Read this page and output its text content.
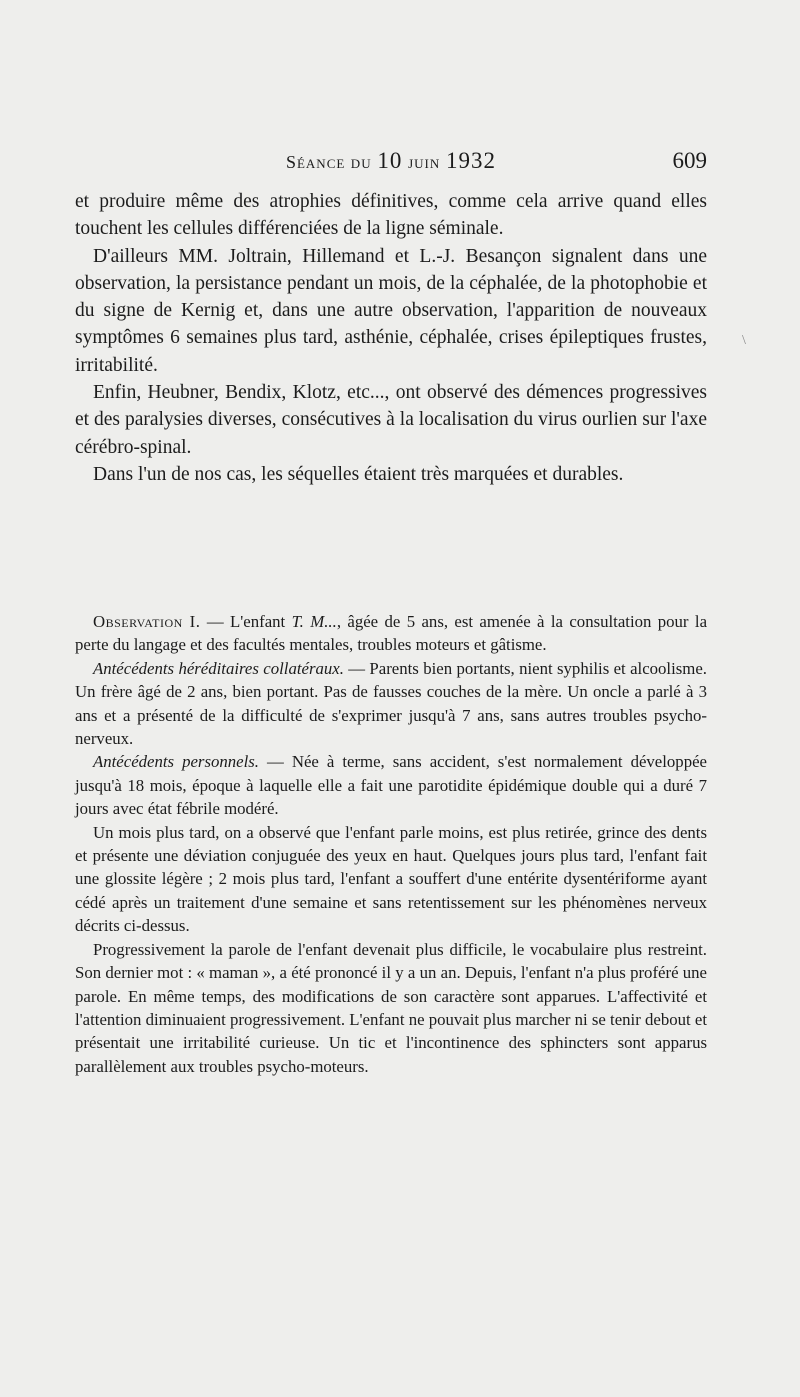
Séance du 10 juin 1932	609

et produire même des atrophies définitives, comme cela arrive quand elles touchent les cellules différenciées de la ligne séminale.

D'ailleurs MM. Joltrain, Hillemand et L.-J. Besançon signalent dans une observation, la persistance pendant un mois, de la céphalée, de la photophobie et du signe de Kernig et, dans une autre observation, l'apparition de nouveaux symptômes 6 semaines plus tard, asthénie, céphalée, crises épileptiques frustes, irritabilité.

Enfin, Heubner, Bendix, Klotz, etc..., ont observé des démences progressives et des paralysies diverses, consécutives à la localisation du virus ourlien sur l'axe cérébro-spinal.

Dans l'un de nos cas, les séquelles étaient très marquées et durables.

Observation I. — L'enfant T. M..., âgée de 5 ans, est amenée à la consultation pour la perte du langage et des facultés mentales, troubles moteurs et gâtisme.

Antécédents héréditaires collatéraux. — Parents bien portants, nient syphilis et alcoolisme. Un frère âgé de 2 ans, bien portant. Pas de fausses couches de la mère. Un oncle a parlé à 3 ans et a présenté de la difficulté de s'exprimer jusqu'à 7 ans, sans autres troubles psycho-nerveux.

Antécédents personnels. — Née à terme, sans accident, s'est normalement développée jusqu'à 18 mois, époque à laquelle elle a fait une parotidite épidémique double qui a duré 7 jours avec état fébrile modéré.

Un mois plus tard, on a observé que l'enfant parle moins, est plus retirée, grince des dents et présente une déviation conjuguée des yeux en haut. Quelques jours plus tard, l'enfant fait une glossite légère ; 2 mois plus tard, l'enfant a souffert d'une entérite dysentériforme ayant cédé après un traitement d'une semaine et sans retentissement sur les phénomènes nerveux décrits ci-dessus.

Progressivement la parole de l'enfant devenait plus difficile, le vocabulaire plus restreint. Son dernier mot : « maman », a été prononcé il y a un an. Depuis, l'enfant n'a plus proféré une parole. En même temps, des modifications de son caractère sont apparues. L'affectivité et l'attention diminuaient progressivement. L'enfant ne pouvait plus marcher ni se tenir debout et présentait une irritabilité curieuse. Un tic et l'incontinence des sphincters sont apparus parallèlement aux troubles psycho-moteurs.

\
